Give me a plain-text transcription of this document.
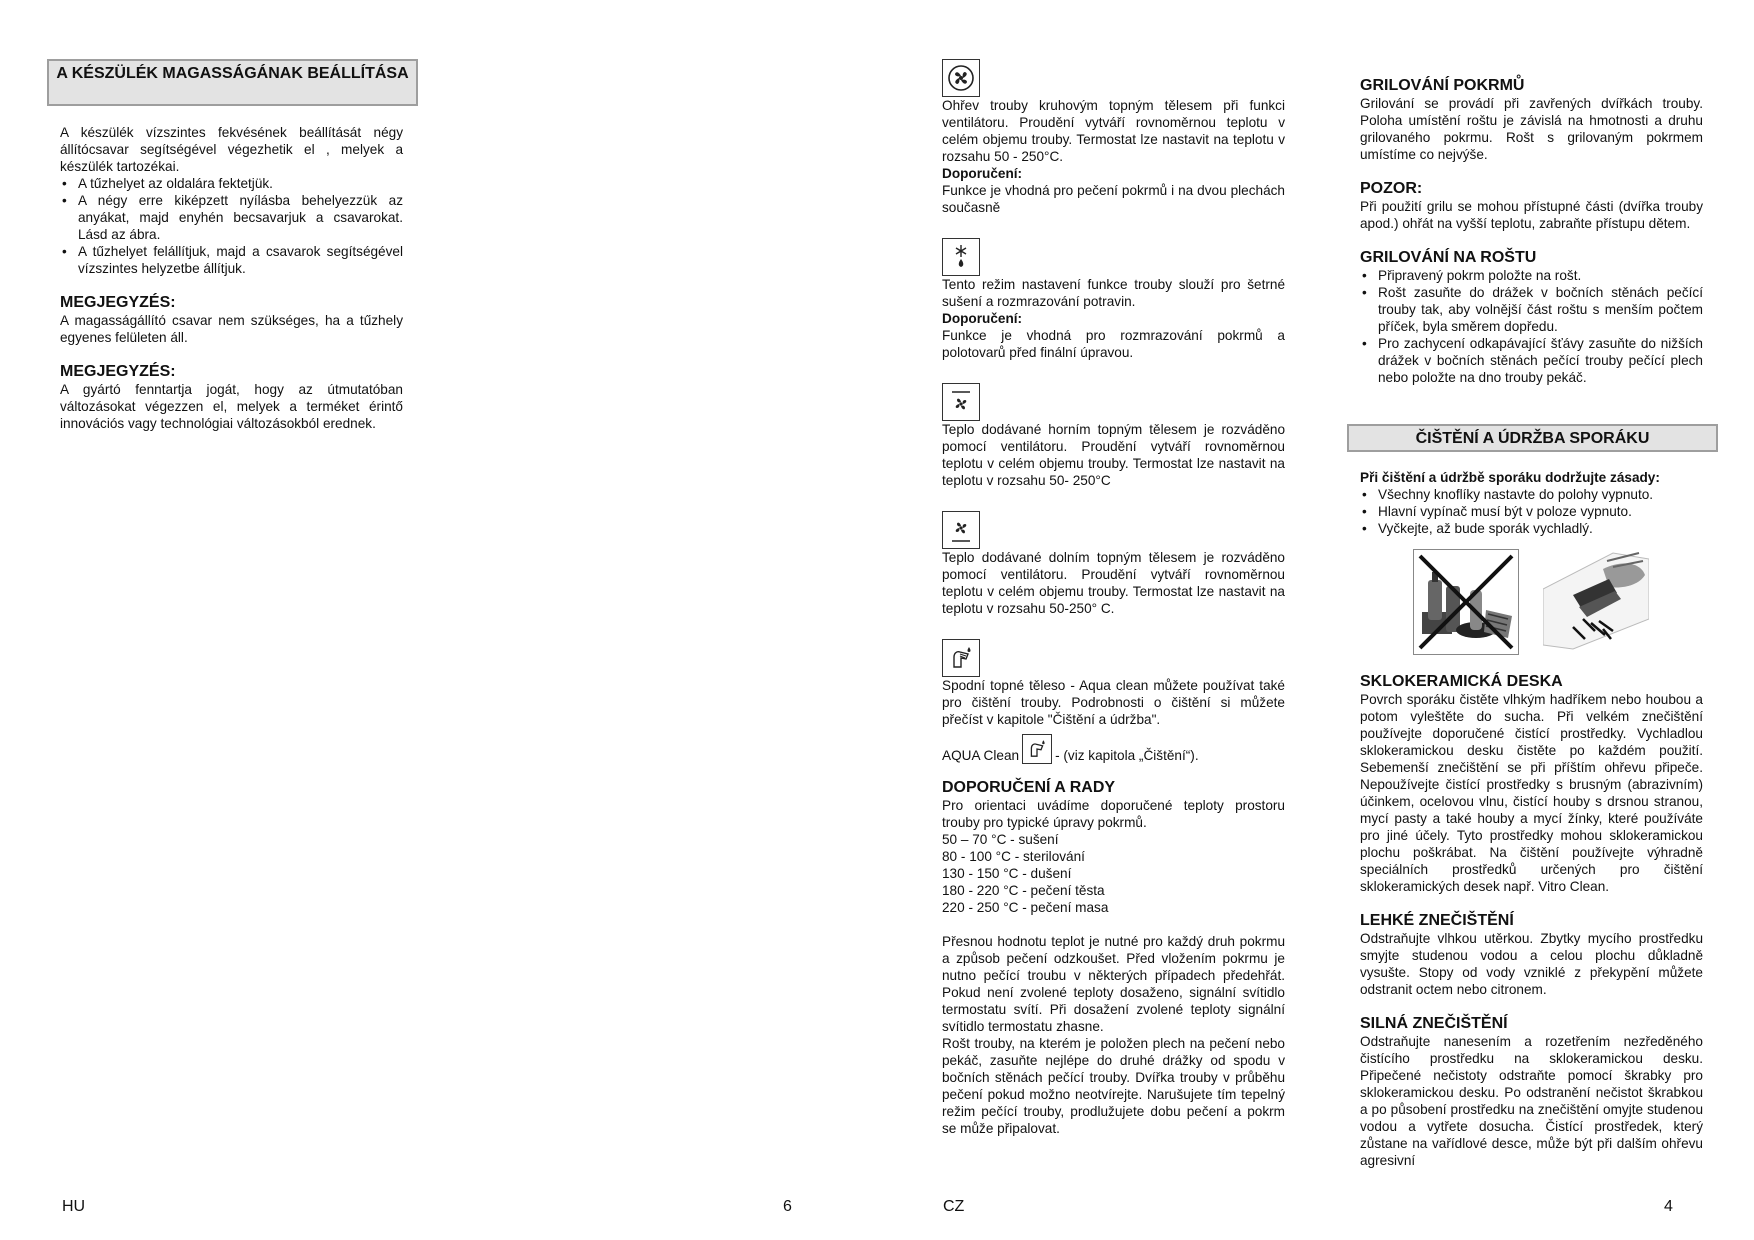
A KÉSZÜLÉK MAGASSÁGÁNAK BEÁLLÍTÁSA

A készülék vízszintes fekvésének beállítását négy állítócsavar segítségével végezhetik el , melyek a készülék tartozékai.

• A tűzhelyet az oldalára fektetjük.
• A négy erre kiképzett nyílásba behelyezzük az anyákat, majd enyhén becsavarjuk a csavarokat. Lásd az ábra.
• A tűzhelyet felállítjuk, majd a csavarok segítségével vízszintes helyzetbe állítjuk.

MEGJEGYZÉS:

A magasságállító csavar nem szükséges, ha a tűzhely egyenes felületen áll.

MEGJEGYZÉS:

A gyártó fenntartja jogát, hogy az útmutatóban változásokat végezzen el, melyek a terméket érintő innovációs vagy technológiai változásokból erednek.

HU	6

Ohřev trouby kruhovým topným tělesem při funkci ventilátoru. Proudění vytváří rovnoměrnou teplotu v celém objemu trouby. Termostat lze nastavit na teplotu v rozsahu 50 - 250°C.

Doporučení:

Funkce je vhodná pro pečení pokrmů i na dvou plechách současně

Tento režim nastavení funkce trouby slouží pro šetrné sušení a rozmrazování potravin.

Doporučení:

Funkce je vhodná pro rozmrazování pokrmů a polotovarů před finální úpravou.

Teplo dodávané horním topným tělesem je rozváděno pomocí ventilátoru. Proudění vytváří rovnoměrnou teplotu v celém objemu trouby. Termostat lze nastavit na teplotu v rozsahu 50- 250°C

Teplo dodávané dolním topným tělesem je rozváděno pomocí ventilátoru. Proudění vytváří rovnoměrnou teplotu v celém objemu trouby. Termostat lze nastavit na teplotu v rozsahu 50-250° C.

Spodní topné těleso - Aqua clean můžete používat také pro čištění trouby. Podrobnosti o čištění si můžete přečíst v kapitole "Čištění a údržba".

AQUA Clean	- (viz kapitola „Čištění“).

DOPORUČENÍ A RADY

Pro orientaci uvádíme doporučené teploty prostoru trouby pro typické úpravy pokrmů.

50 – 70 °C - sušení
80 - 100 °C - sterilování
130 - 150 °C - dušení
180 - 220 °C - pečení těsta
220 - 250 °C - pečení masa

Přesnou hodnotu teplot je nutné pro každý druh pokrmu a způsob pečení odzkoušet. Před vložením pokrmu je nutno pečící troubu v některých případech předehřát. Pokud není zvolené teploty dosaženo, signální svítidlo termostatu svítí. Při dosažení zvolené teploty signální svítidlo termostatu zhasne.

Rošt trouby, na kterém je položen plech na pečení nebo pekáč, zasuňte nejlépe do druhé drážky od spodu v bočních stěnách pečící trouby. Dvířka trouby v průběhu pečení pokud možno neotvírejte. Narušujete tím tepelný režim pečící trouby, prodlužujete dobu pečení a pokrm se může připalovat.

CZ

GRILOVÁNÍ POKRMŮ

Grilování se provádí při zavřených dvířkách trouby. Poloha umístění roštu je závislá na hmotnosti a druhu grilovaného pokrmu. Rošt s grilovaným pokrmem umístíme co nejvýše.

POZOR:

Při použití grilu se mohou přístupné části (dvířka trouby apod.) ohřát na vyšší teplotu, zabraňte přístupu dětem.

GRILOVÁNÍ NA ROŠTU

• Připravený pokrm položte na rošt.
• Rošt zasuňte do drážek v bočních stěnách pečící trouby tak, aby volnější část roštu s menším počtem příček, byla směrem dopředu.
• Pro zachycení odkapávající šťávy zasuňte do nižších drážek v bočních stěnách pečící trouby pečící plech nebo položte na dno trouby pekáč.
ČIŠTĚNÍ A ÚDRŽBA SPORÁKU

Při čištění a údržbě sporáku dodržujte zásady:

• Všechny knoflíky nastavte do polohy vypnuto.
• Hlavní vypínač musí být v poloze vypnuto.
• Vyčkejte, až bude sporák vychladlý.

SKLOKERAMICKÁ DESKA

Povrch sporáku čistěte vlhkým hadříkem nebo houbou a potom vyleštěte do sucha. Při velkém znečištění používejte doporučené čistící prostředky. Vychladlou sklokeramickou desku čistěte po každém použití. Sebemenší znečištění se při příštím ohřevu připeče. Nepoužívejte čistící prostředky s brusným (abrazivním) účinkem, ocelovou vlnu, čistící houby s drsnou stranou, mycí pasty a také houby a mycí žínky, které používáte pro jiné účely. Tyto prostředky mohou sklokeramickou plochu poškrábat. Na čištění používejte výhradně speciálních prostředků určených pro čištění sklokeramických desek např. Vitro Clean.

LEHKÉ ZNEČIŠTĚNÍ

Odstraňujte vlhkou utěrkou. Zbytky mycího prostředku smyjte studenou vodou a celou plochu důkladně vysušte. Stopy od vody vzniklé z překypění můžete odstranit octem nebo citronem.

SILNÁ ZNEČIŠTĚNÍ

Odstraňujte nanesením a rozetřením nezředěného čistícího prostředku na sklokeramickou desku. Připečené nečistoty odstraňte pomocí škrabky pro sklokeramickou desku. Po odstranění nečistot škrabkou a po působení prostředku na znečištění omyjte studenou vodou a vytřete dosucha. Čistící prostředek, který zůstane na vařídlové desce, může být při dalším ohřevu agresivní

4
